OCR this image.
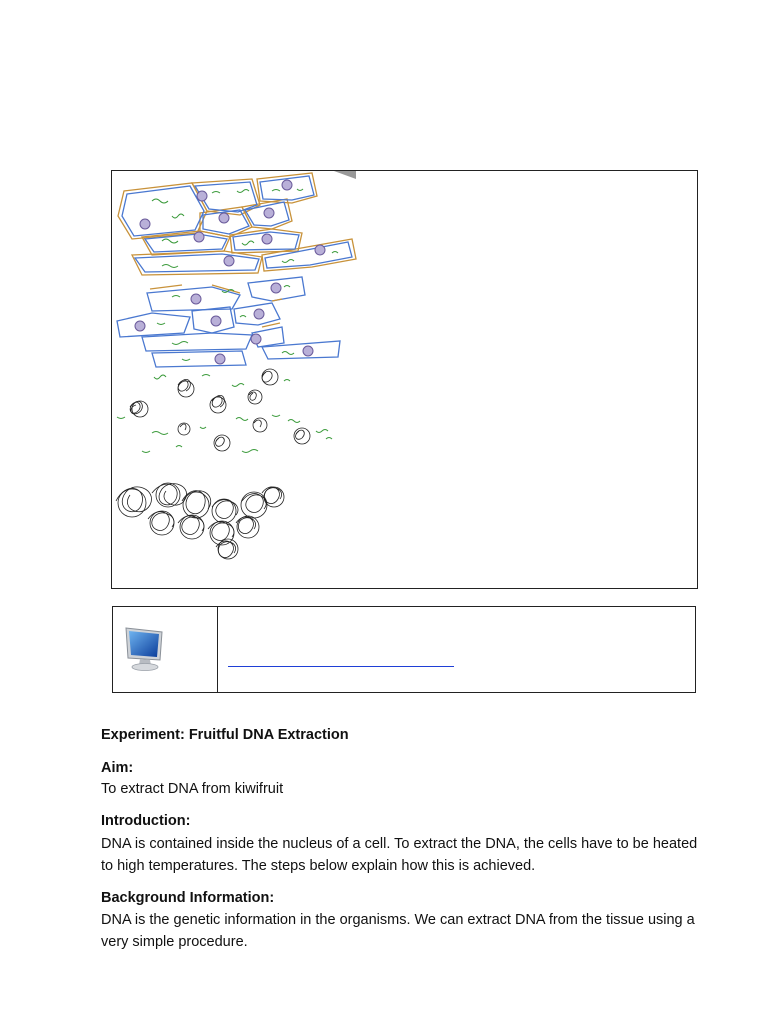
Experiment: Fruitful DNA Extraction
Aim:
To extract DNA from kiwifruit
Introduction:
DNA is contained inside the nucleus of a cell. To extract the DNA, the cells have to be heated
to high temperatures. The steps below explain how this is achieved.
Background Information:
DNA is the genetic information in the organisms. We can extract DNA from the tissue using a
very simple procedure.
